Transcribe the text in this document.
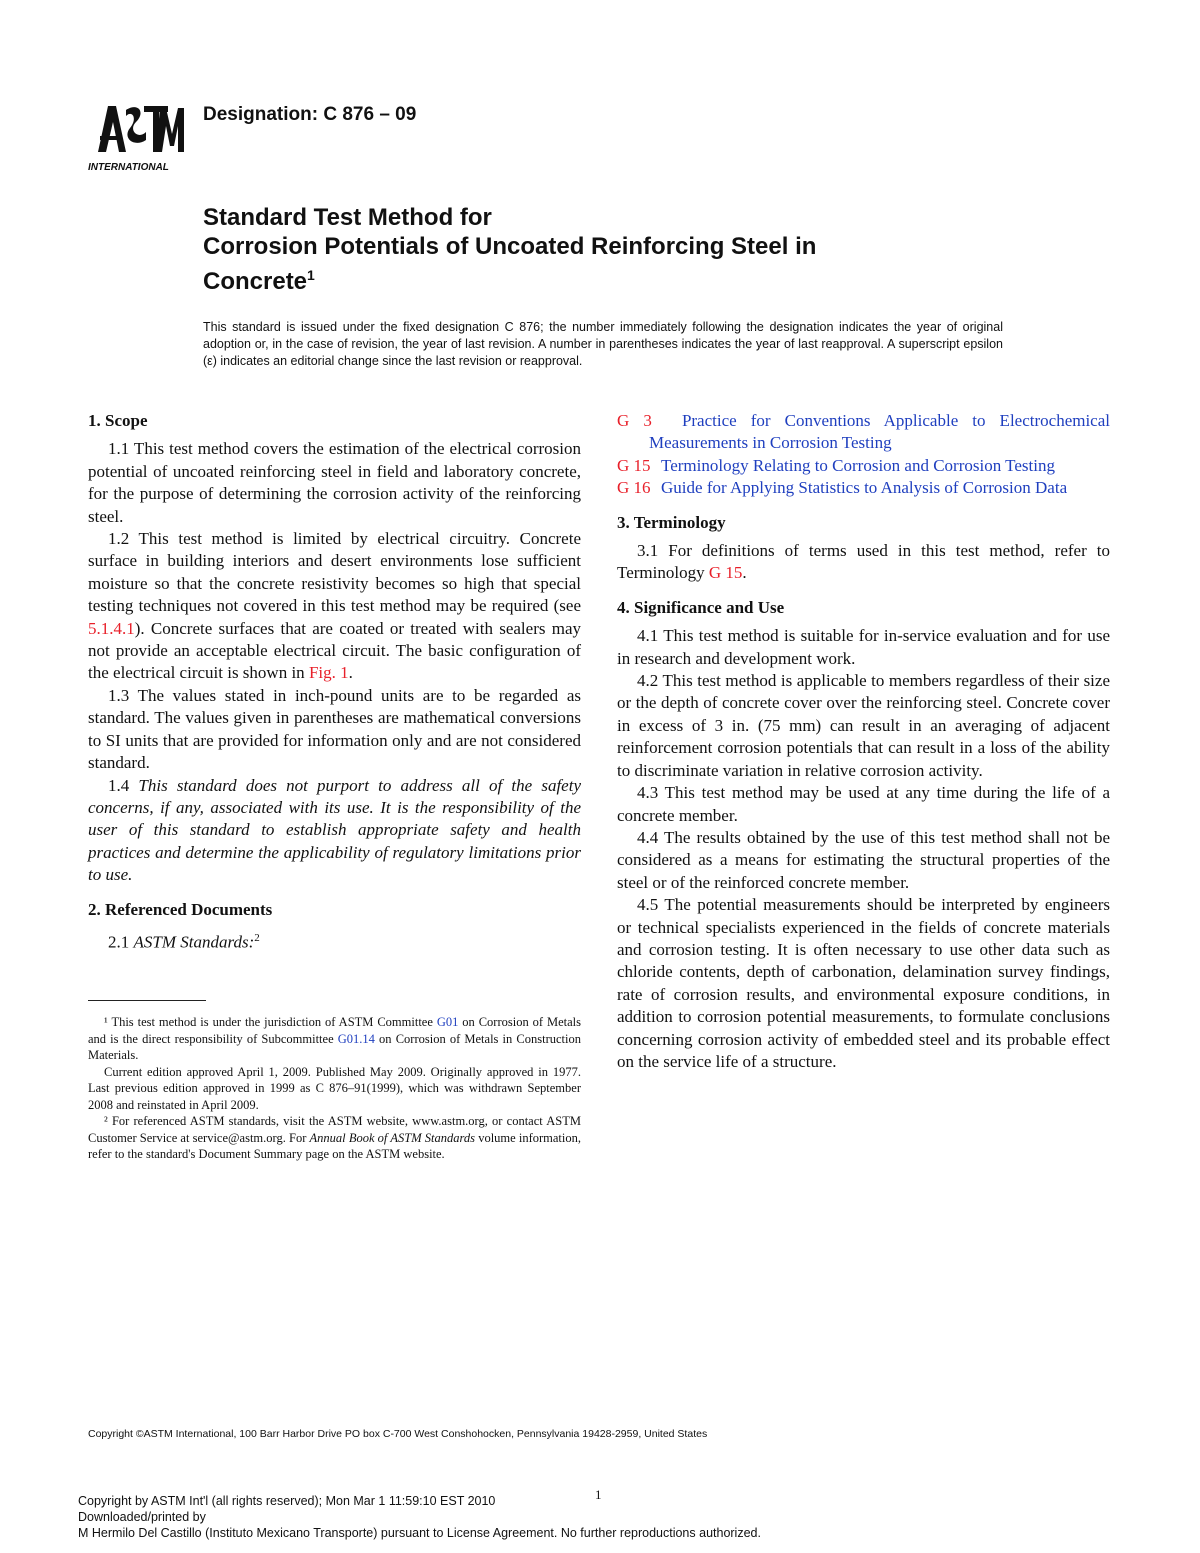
INTERNATIONAL
Designation: C 876 – 09
Standard Test Method for
Corrosion Potentials of Uncoated Reinforcing Steel in
Concrete$^1$
This standard is issued under the fixed designation C 876; the number immediately following the designation indicates the year of original adoption or, in the case of revision, the year of last revision. A number in parentheses indicates the year of last reapproval. A superscript epsilon (ε) indicates an editorial change since the last revision or reapproval.

1. Scope

1.1 This test method covers the estimation of the electrical corrosion potential of uncoated reinforcing steel in field and laboratory concrete, for the purpose of determining the corrosion activity of the reinforcing steel.

1.2 This test method is limited by electrical circuitry. Concrete surface in building interiors and desert environments lose sufficient moisture so that the concrete resistivity becomes so high that special testing techniques not covered in this test method may be required (see 5.1.4.1). Concrete surfaces that are coated or treated with sealers may not provide an acceptable electrical circuit. The basic configuration of the electrical circuit is shown in Fig. 1.

1.3 The values stated in inch-pound units are to be regarded as standard. The values given in parentheses are mathematical conversions to SI units that are provided for information only and are not considered standard.

1.4 This standard does not purport to address all of the safety concerns, if any, associated with its use. It is the responsibility of the user of this standard to establish appropriate safety and health practices and determine the applicability of regulatory limitations prior to use.

2. Referenced Documents

2.1 ASTM Standards:$^2$

¹ This test method is under the jurisdiction of ASTM Committee G01 on Corrosion of Metals and is the direct responsibility of Subcommittee G01.14 on Corrosion of Metals in Construction Materials.

Current edition approved April 1, 2009. Published May 2009. Originally approved in 1977. Last previous edition approved in 1999 as C 876–91(1999), which was withdrawn September 2008 and reinstated in April 2009.

² For referenced ASTM standards, visit the ASTM website, www.astm.org, or contact ASTM Customer Service at service@astm.org. For Annual Book of ASTM Standards volume information, refer to the standard's Document Summary page on the ASTM website.

G 3 Practice for Conventions Applicable to Electrochemical Measurements in Corrosion Testing

G 15 Terminology Relating to Corrosion and Corrosion Testing

G 16 Guide for Applying Statistics to Analysis of Corrosion Data

3. Terminology

3.1 For definitions of terms used in this test method, refer to Terminology G 15.

4. Significance and Use

4.1 This test method is suitable for in-service evaluation and for use in research and development work.

4.2 This test method is applicable to members regardless of their size or the depth of concrete cover over the reinforcing steel. Concrete cover in excess of 3 in. (75 mm) can result in an averaging of adjacent reinforcement corrosion potentials that can result in a loss of the ability to discriminate variation in relative corrosion activity.

4.3 This test method may be used at any time during the life of a concrete member.

4.4 The results obtained by the use of this test method shall not be considered as a means for estimating the structural properties of the steel or of the reinforced concrete member.

4.5 The potential measurements should be interpreted by engineers or technical specialists experienced in the fields of concrete materials and corrosion testing. It is often necessary to use other data such as chloride contents, depth of carbonation, delamination survey findings, rate of corrosion results, and environmental exposure conditions, in addition to corrosion potential measurements, to formulate conclusions concerning corrosion activity of embedded steel and its probable effect on the service life of a structure.

Copyright ©ASTM International, 100 Barr Harbor Drive PO box C-700 West Conshohocken, Pennsylvania 19428-2959, United States
1
Copyright by ASTM Int'l (all rights reserved); Mon Mar 1 11:59:10 EST 2010
Downloaded/printed by
M Hermilo Del Castillo (Instituto Mexicano Transporte) pursuant to License Agreement. No further reproductions authorized.
